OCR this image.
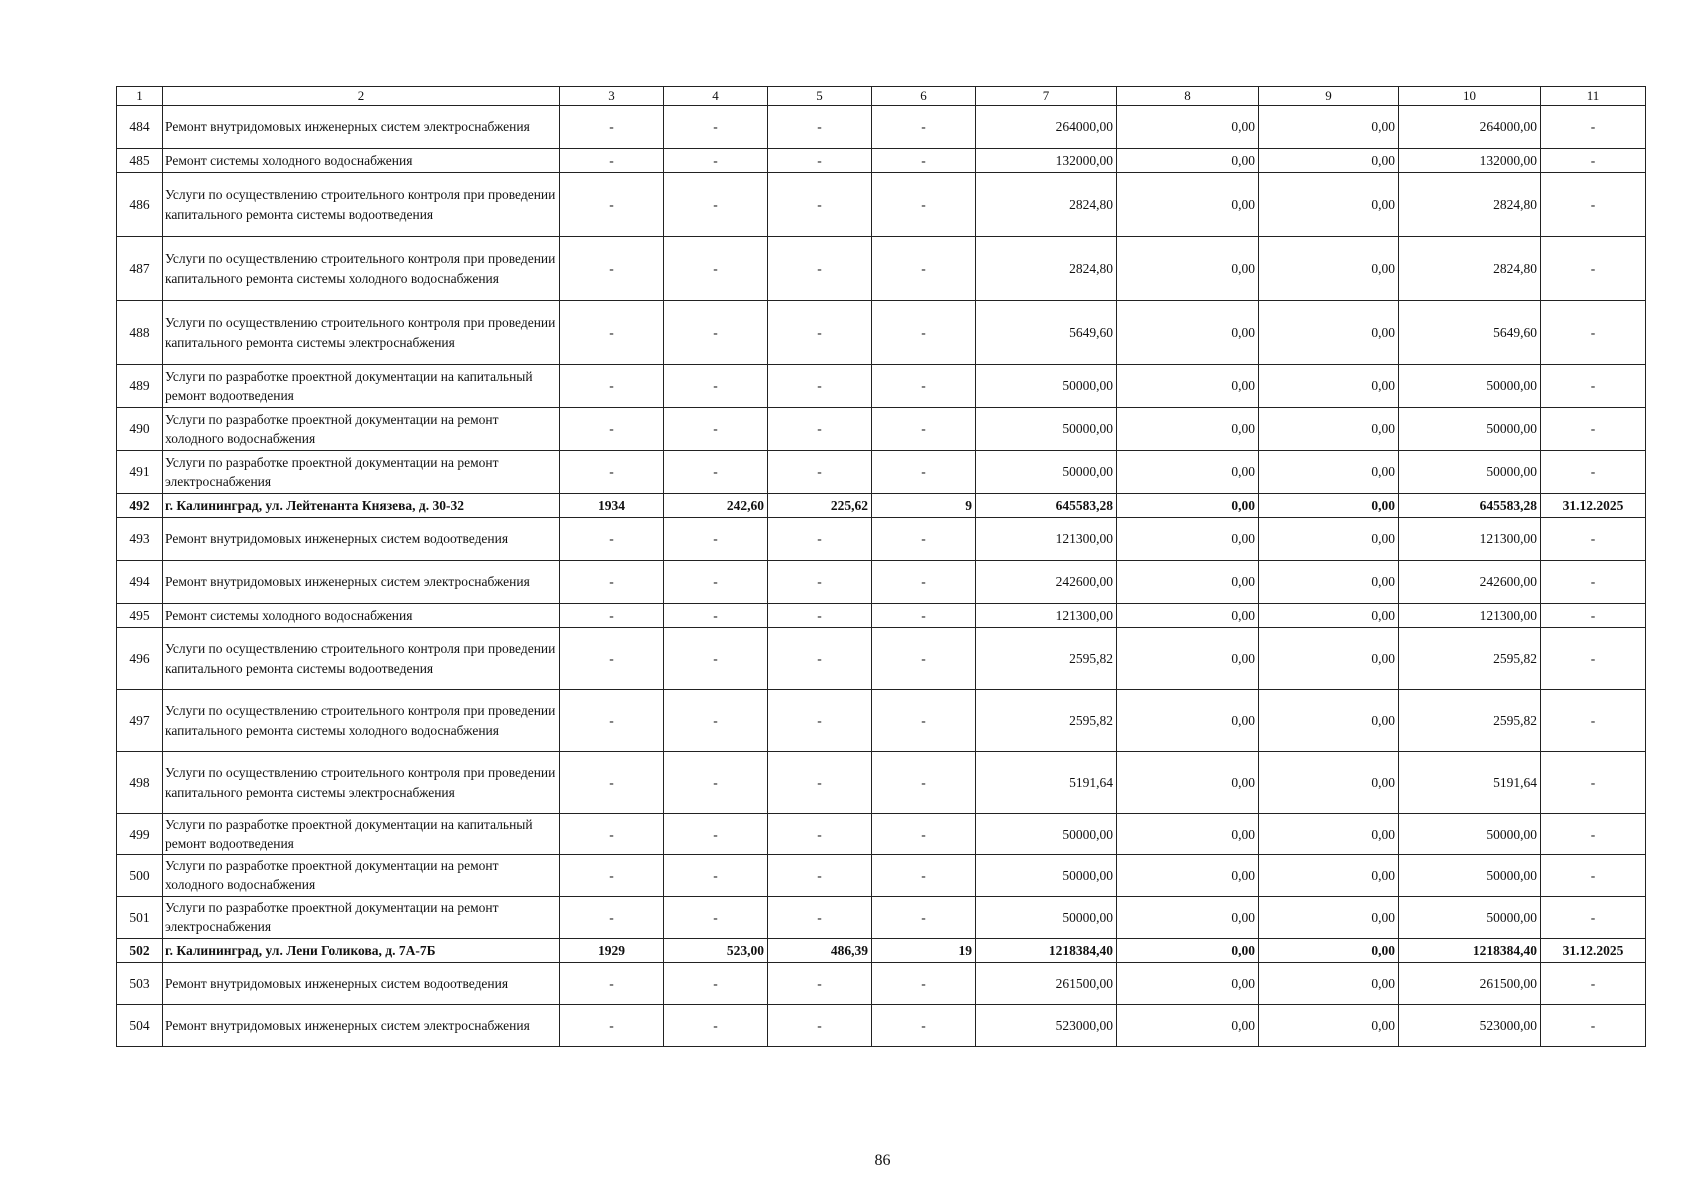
1	2	3	4	5	6	7	8	9	10	11
484	Ремонт внутридомовых инженерных систем электроснабжения	-	-	-	-	264000,00	0,00	0,00	264000,00	-
485	Ремонт системы холодного водоснабжения	-	-	-	-	132000,00	0,00	0,00	132000,00	-
486	Услуги по осуществлению строительного контроля при проведении капитального ремонта системы водоотведения	-	-	-	-	2824,80	0,00	0,00	2824,80	-
487	Услуги по осуществлению строительного контроля при проведении капитального ремонта системы холодного водоснабжения	-	-	-	-	2824,80	0,00	0,00	2824,80	-
488	Услуги по осуществлению строительного контроля при проведении капитального ремонта системы электроснабжения	-	-	-	-	5649,60	0,00	0,00	5649,60	-
489	Услуги по разработке проектной документации на капитальный ремонт водоотведения	-	-	-	-	50000,00	0,00	0,00	50000,00	-
490	Услуги по разработке проектной документации на ремонт холодного водоснабжения	-	-	-	-	50000,00	0,00	0,00	50000,00	-
491	Услуги по разработке проектной документации на ремонт электроснабжения	-	-	-	-	50000,00	0,00	0,00	50000,00	-
492	г. Калининград, ул. Лейтенанта Князева, д. 30-32	1934	242,60	225,62	9	645583,28	0,00	0,00	645583,28	31.12.2025
493	Ремонт внутридомовых инженерных систем водоотведения	-	-	-	-	121300,00	0,00	0,00	121300,00	-
494	Ремонт внутридомовых инженерных систем электроснабжения	-	-	-	-	242600,00	0,00	0,00	242600,00	-
495	Ремонт системы холодного водоснабжения	-	-	-	-	121300,00	0,00	0,00	121300,00	-
496	Услуги по осуществлению строительного контроля при проведении капитального ремонта системы водоотведения	-	-	-	-	2595,82	0,00	0,00	2595,82	-
497	Услуги по осуществлению строительного контроля при проведении капитального ремонта системы холодного водоснабжения	-	-	-	-	2595,82	0,00	0,00	2595,82	-
498	Услуги по осуществлению строительного контроля при проведении капитального ремонта системы электроснабжения	-	-	-	-	5191,64	0,00	0,00	5191,64	-
499	Услуги по разработке проектной документации на капитальный ремонт водоотведения	-	-	-	-	50000,00	0,00	0,00	50000,00	-
500	Услуги по разработке проектной документации на ремонт холодного водоснабжения	-	-	-	-	50000,00	0,00	0,00	50000,00	-
501	Услуги по разработке проектной документации на ремонт электроснабжения	-	-	-	-	50000,00	0,00	0,00	50000,00	-
502	г. Калининград, ул. Лени Голикова, д. 7А-7Б	1929	523,00	486,39	19	1218384,40	0,00	0,00	1218384,40	31.12.2025
503	Ремонт внутридомовых инженерных систем водоотведения	-	-	-	-	261500,00	0,00	0,00	261500,00	-
504	Ремонт внутридомовых инженерных систем электроснабжения	-	-	-	-	523000,00	0,00	0,00	523000,00	-
86
